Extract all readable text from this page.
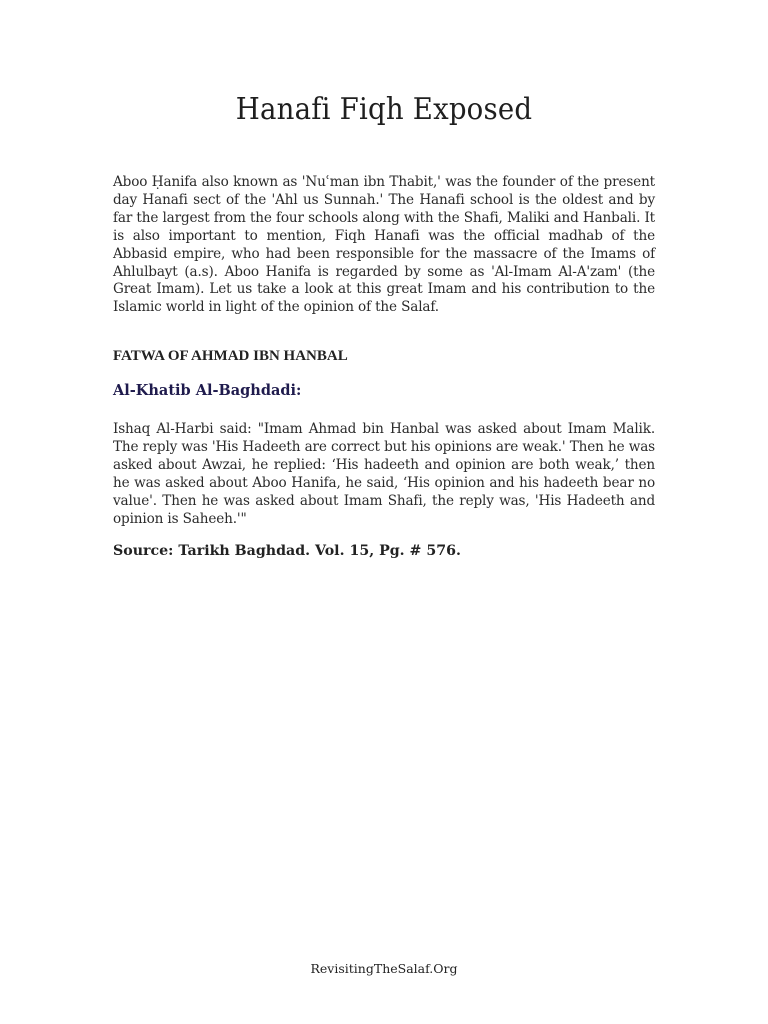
Hanafi Fiqh Exposed

Aboo Ḥanifa also known as 'Nuʿman ibn Thabit,' was the founder of the present day Hanafi sect of the 'Ahl us Sunnah.' The Hanafi school is the oldest and by far the largest from the four schools along with the Shafi, Maliki and Hanbali. It is also important to mention, Fiqh Hanafi was the official madhab of the Abbasid empire, who had been responsible for the massacre of the Imams of Ahlulbayt (a.s). Aboo Hanifa is regarded by some as 'Al-Imam Al-A'zam' (the Great Imam). Let us take a look at this great Imam and his contribution to the Islamic world in light of the opinion of the Salaf.

FATWA OF AHMAD IBN HANBAL
Al-Khatib Al-Baghdadi:

Ishaq Al-Harbi said: "Imam Ahmad bin Hanbal was asked about Imam Malik. The reply was 'His Hadeeth are correct but his opinions are weak.' Then he was asked about Awzai, he replied: ‘His hadeeth and opinion are both weak,’ then he was asked about Aboo Hanifa, he said, ‘His opinion and his hadeeth bear no value'. Then he was asked about Imam Shafi, the reply was, 'His Hadeeth and opinion is Saheeh.'"

Source: Tarikh Baghdad. Vol. 15, Pg. # 576.

RevisitingTheSalaf.Org
